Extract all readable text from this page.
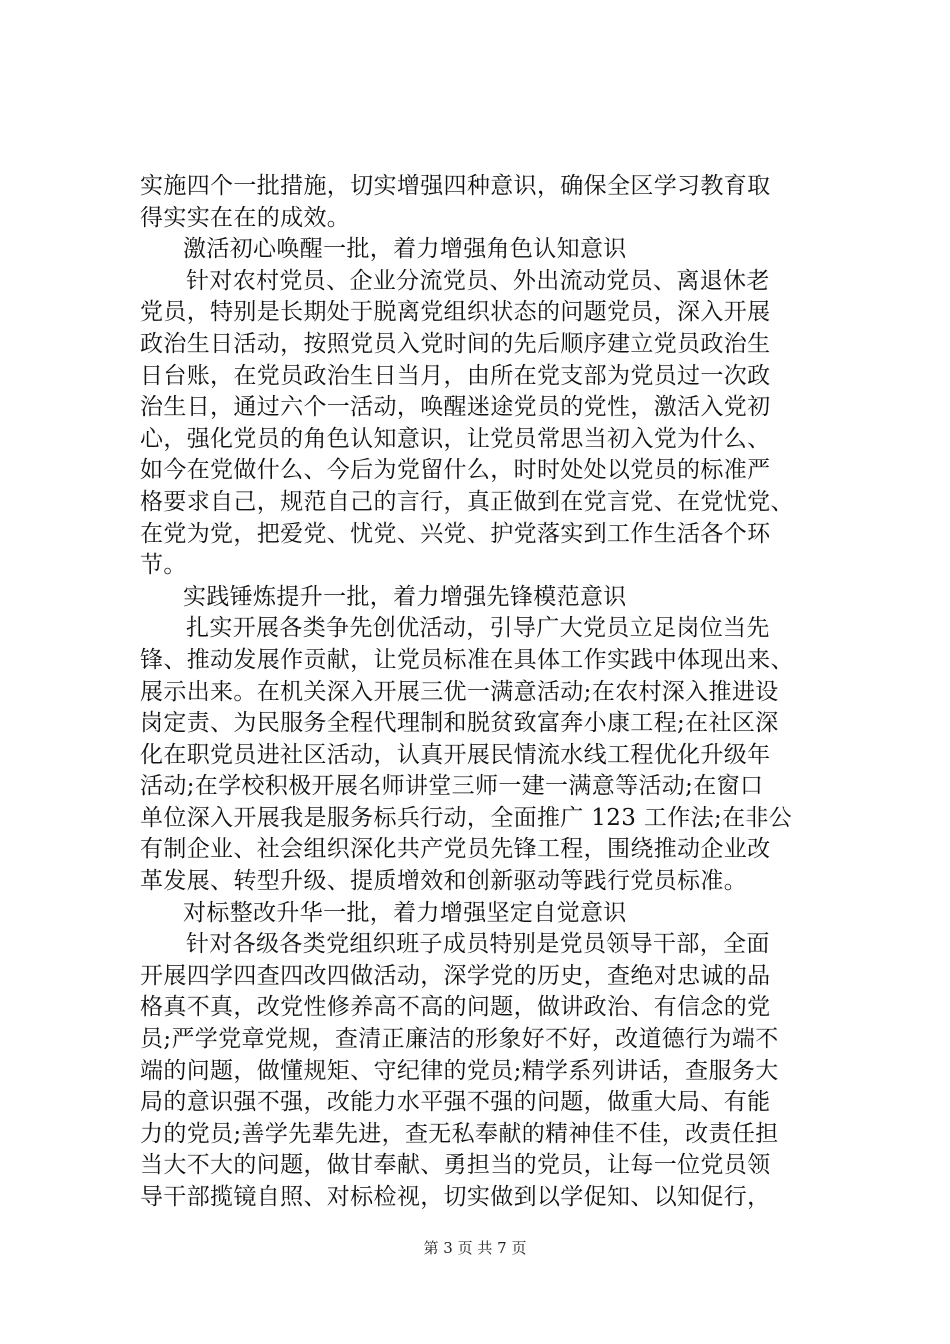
实施四个一批措施，切实增强四种意识，确保全区学习教育取
得实实在在的成效。
激活初心唤醒一批，着力增强角色认知意识
针对农村党员、企业分流党员、外出流动党员、离退休老
党员，特别是长期处于脱离党组织状态的问题党员，深入开展
政治生日活动，按照党员入党时间的先后顺序建立党员政治生
日台账，在党员政治生日当月，由所在党支部为党员过一次政
治生日，通过六个一活动，唤醒迷途党员的党性，激活入党初
心，强化党员的角色认知意识，让党员常思当初入党为什么、
如今在党做什么、今后为党留什么，时时处处以党员的标准严
格要求自己，规范自己的言行，真正做到在党言党、在党忧党、
在党为党，把爱党、忧党、兴党、护党落实到工作生活各个环
节。
实践锤炼提升一批，着力增强先锋模范意识
扎实开展各类争先创优活动，引导广大党员立足岗位当先
锋、推动发展作贡献，让党员标准在具体工作实践中体现出来、
展示出来。在机关深入开展三优一满意活动;在农村深入推进设
岗定责、为民服务全程代理制和脱贫致富奔小康工程;在社区深
化在职党员进社区活动，认真开展民情流水线工程优化升级年
活动;在学校积极开展名师讲堂三师一建一满意等活动;在窗口
单位深入开展我是服务标兵行动，全面推广 123 工作法;在非公
有制企业、社会组织深化共产党员先锋工程，围绕推动企业改
革发展、转型升级、提质增效和创新驱动等践行党员标准。
对标整改升华一批，着力增强坚定自觉意识
针对各级各类党组织班子成员特别是党员领导干部，全面
开展四学四查四改四做活动，深学党的历史，查绝对忠诚的品
格真不真，改党性修养高不高的问题，做讲政治、有信念的党
员;严学党章党规，查清正廉洁的形象好不好，改道德行为端不
端的问题，做懂规矩、守纪律的党员;精学系列讲话，查服务大
局的意识强不强，改能力水平强不强的问题，做重大局、有能
力的党员;善学先辈先进，查无私奉献的精神佳不佳，改责任担
当大不大的问题，做甘奉献、勇担当的党员，让每一位党员领
导干部揽镜自照、对标检视，切实做到以学促知、以知促行，
第 3 页 共 7 页
